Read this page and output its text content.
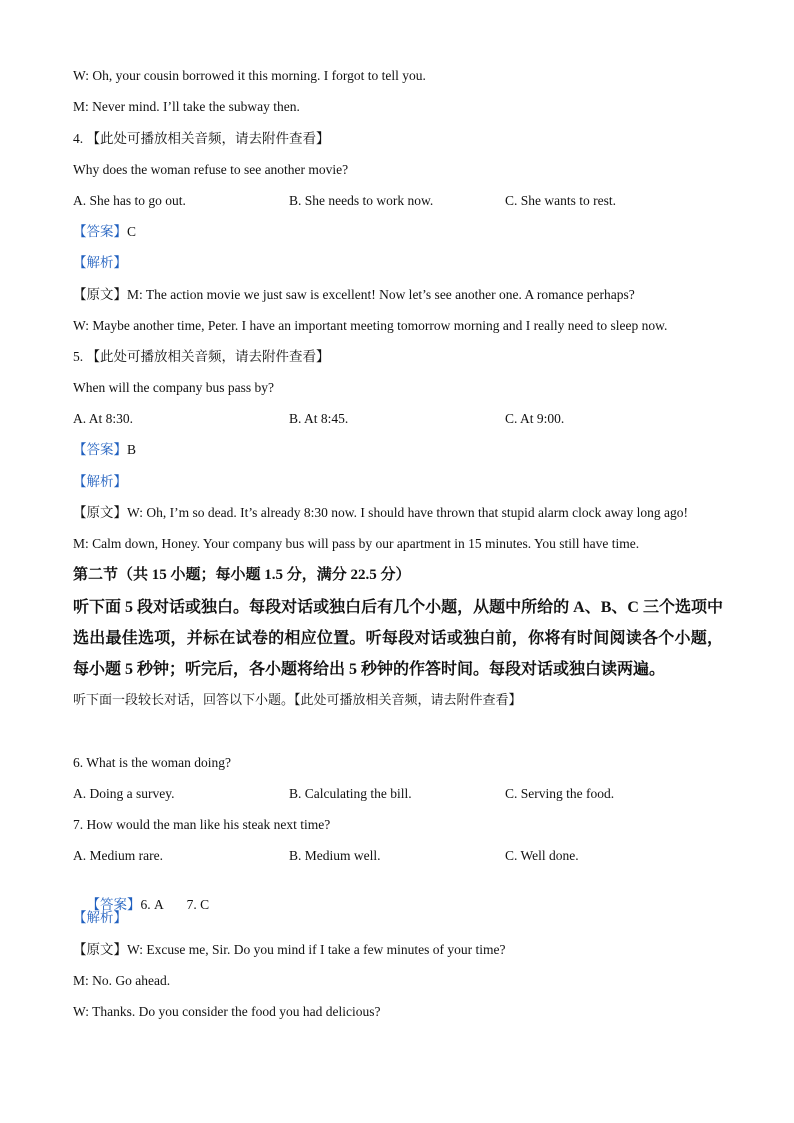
W: Oh, your cousin borrowed it this morning. I forgot to tell you.
M: Never mind. I’ll take the subway then.
4. 【此处可播放相关音频，请去附件查看】
Why does the woman refuse to see another movie?
A. She has to go out.	B. She needs to work now.	C. She wants to rest.
【答案】C
【解析】
【原文】M: The action movie we just saw is excellent! Now let’s see another one. A romance perhaps?
W: Maybe another time, Peter. I have an important meeting tomorrow morning and I really need to sleep now.
5. 【此处可播放相关音频，请去附件查看】
When will the company bus pass by?
A. At 8:30.	B. At 8:45.	C. At 9:00.
【答案】B
【解析】
【原文】W: Oh, I’m so dead. It’s already 8:30 now. I should have thrown that stupid alarm clock away long ago!
M: Calm down, Honey. Your company bus will pass by our apartment in 15 minutes. You still have time.
第二节（共 15 小题；每小题 1.5 分，满分 22.5 分）
听下面 5 段对话或独白。每段对话或独白后有几个小题，从题中所给的 A、B、C 三个选项中选出最佳选项，并标在试卷的相应位置。听每段对话或独白前，你将有时间阅读各个小题，每小题 5 秒钟；听完后，各小题将给出 5 秒钟的作答时间。每段对话或独白读两遍。
听下面一段较长对话，回答以下小题。【此处可播放相关音频，请去附件查看】
6. What is the woman doing?
A. Doing a survey.	B. Calculating the bill.	C. Serving the food.
7. How would the man like his steak next time?
A. Medium rare.	B. Medium well.	C. Well done.

【答案】6. A       7. C

【解析】
【原文】W: Excuse me, Sir. Do you mind if I take a few minutes of your time?
M: No. Go ahead.
W: Thanks. Do you consider the food you had delicious?
